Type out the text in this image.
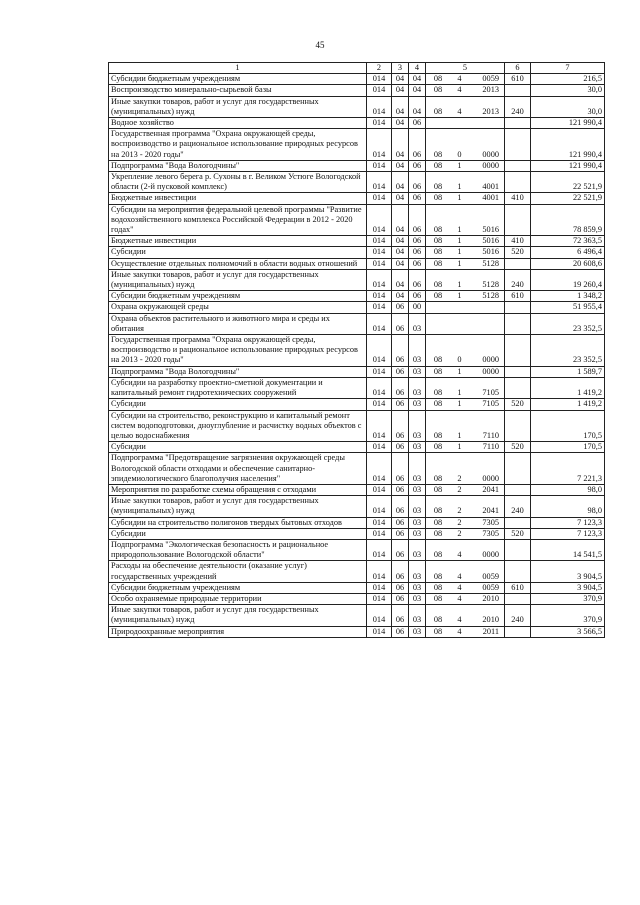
45
1	2	3	4	5	6	7
Субсидии бюджетным учреждениям	014	04	04	08 4 0059	610	216,5
Воспроизводство минерально-сырьевой базы	014	04	04	08 4 2013		30,0
Иные закупки товаров, работ и услуг для государственных (муниципальных) нужд	014	04	04	08 4 2013	240	30,0
Водное хозяйство	014	04	06			121 990,4
Государственная программа "Охрана окружающей среды, воспроизводство и рациональное использование природных ресурсов на 2013 - 2020 годы"	014	04	06	08 0 0000		121 990,4
Подпрограмма "Вода Вологодчины"	014	04	06	08 1 0000		121 990,4
Укрепление левого берега р. Сухоны в г. Великом Устюге Вологодской области (2-й пусковой комплекс)	014	04	06	08 1 4001		22 521,9
Бюджетные инвестиции	014	04	06	08 1 4001	410	22 521,9
Субсидии на мероприятия федеральной целевой программы "Развитие водохозяйственного комплекса Российской Федерации в 2012 - 2020 годах"	014	04	06	08 1 5016		78 859,9
Бюджетные инвестиции	014	04	06	08 1 5016	410	72 363,5
Субсидии	014	04	06	08 1 5016	520	6 496,4
Осуществление отдельных полномочий в области водных отношений	014	04	06	08 1 5128		20 608,6
Иные закупки товаров, работ и услуг для государственных (муниципальных) нужд	014	04	06	08 1 5128	240	19 260,4
Субсидии бюджетным учреждениям	014	04	06	08 1 5128	610	1 348,2
Охрана окружающей среды	014	06	00			51 955,4
Охрана объектов растительного и животного мира и среды их обитания	014	06	03			23 352,5
Государственная программа "Охрана окружающей среды, воспроизводство и рациональное использование природных ресурсов на 2013 - 2020 годы"	014	06	03	08 0 0000		23 352,5
Подпрограмма "Вода Вологодчины"	014	06	03	08 1 0000		1 589,7
Субсидии на разработку проектно-сметной документации и капитальный ремонт гидротехнических сооружений	014	06	03	08 1 7105		1 419,2
Субсидии	014	06	03	08 1 7105	520	1 419,2
Субсидии на строительство, реконструкцию и капитальный ремонт систем водоподготовки, дноуглубление и расчистку водных объектов с целью водоснабжения	014	06	03	08 1 7110		170,5
Субсидии	014	06	03	08 1 7110	520	170,5
Подпрограмма "Предотвращение загрязнения окружающей среды Вологодской области отходами и обеспечение санитарно-эпидемиологического благополучия населения"	014	06	03	08 2 0000		7 221,3
Мероприятия по разработке схемы обращения с отходами	014	06	03	08 2 2041		98,0
Иные закупки товаров, работ и услуг для государственных (муниципальных) нужд	014	06	03	08 2 2041	240	98,0
Субсидии на строительство полигонов твердых бытовых отходов	014	06	03	08 2 7305		7 123,3
Субсидии	014	06	03	08 2 7305	520	7 123,3
Подпрограмма "Экологическая безопасность и рациональное природопользование Вологодской области"	014	06	03	08 4 0000		14 541,5
Расходы на обеспечение деятельности (оказание услуг) государственных учреждений	014	06	03	08 4 0059		3 904,5
Субсидии бюджетным учреждениям	014	06	03	08 4 0059	610	3 904,5
Особо охраняемые природные территории	014	06	03	08 4 2010		370,9
Иные закупки товаров, работ и услуг для государственных (муниципальных) нужд	014	06	03	08 4 2010	240	370,9
Природоохранные мероприятия	014	06	03	08 4 2011		3 566,5
